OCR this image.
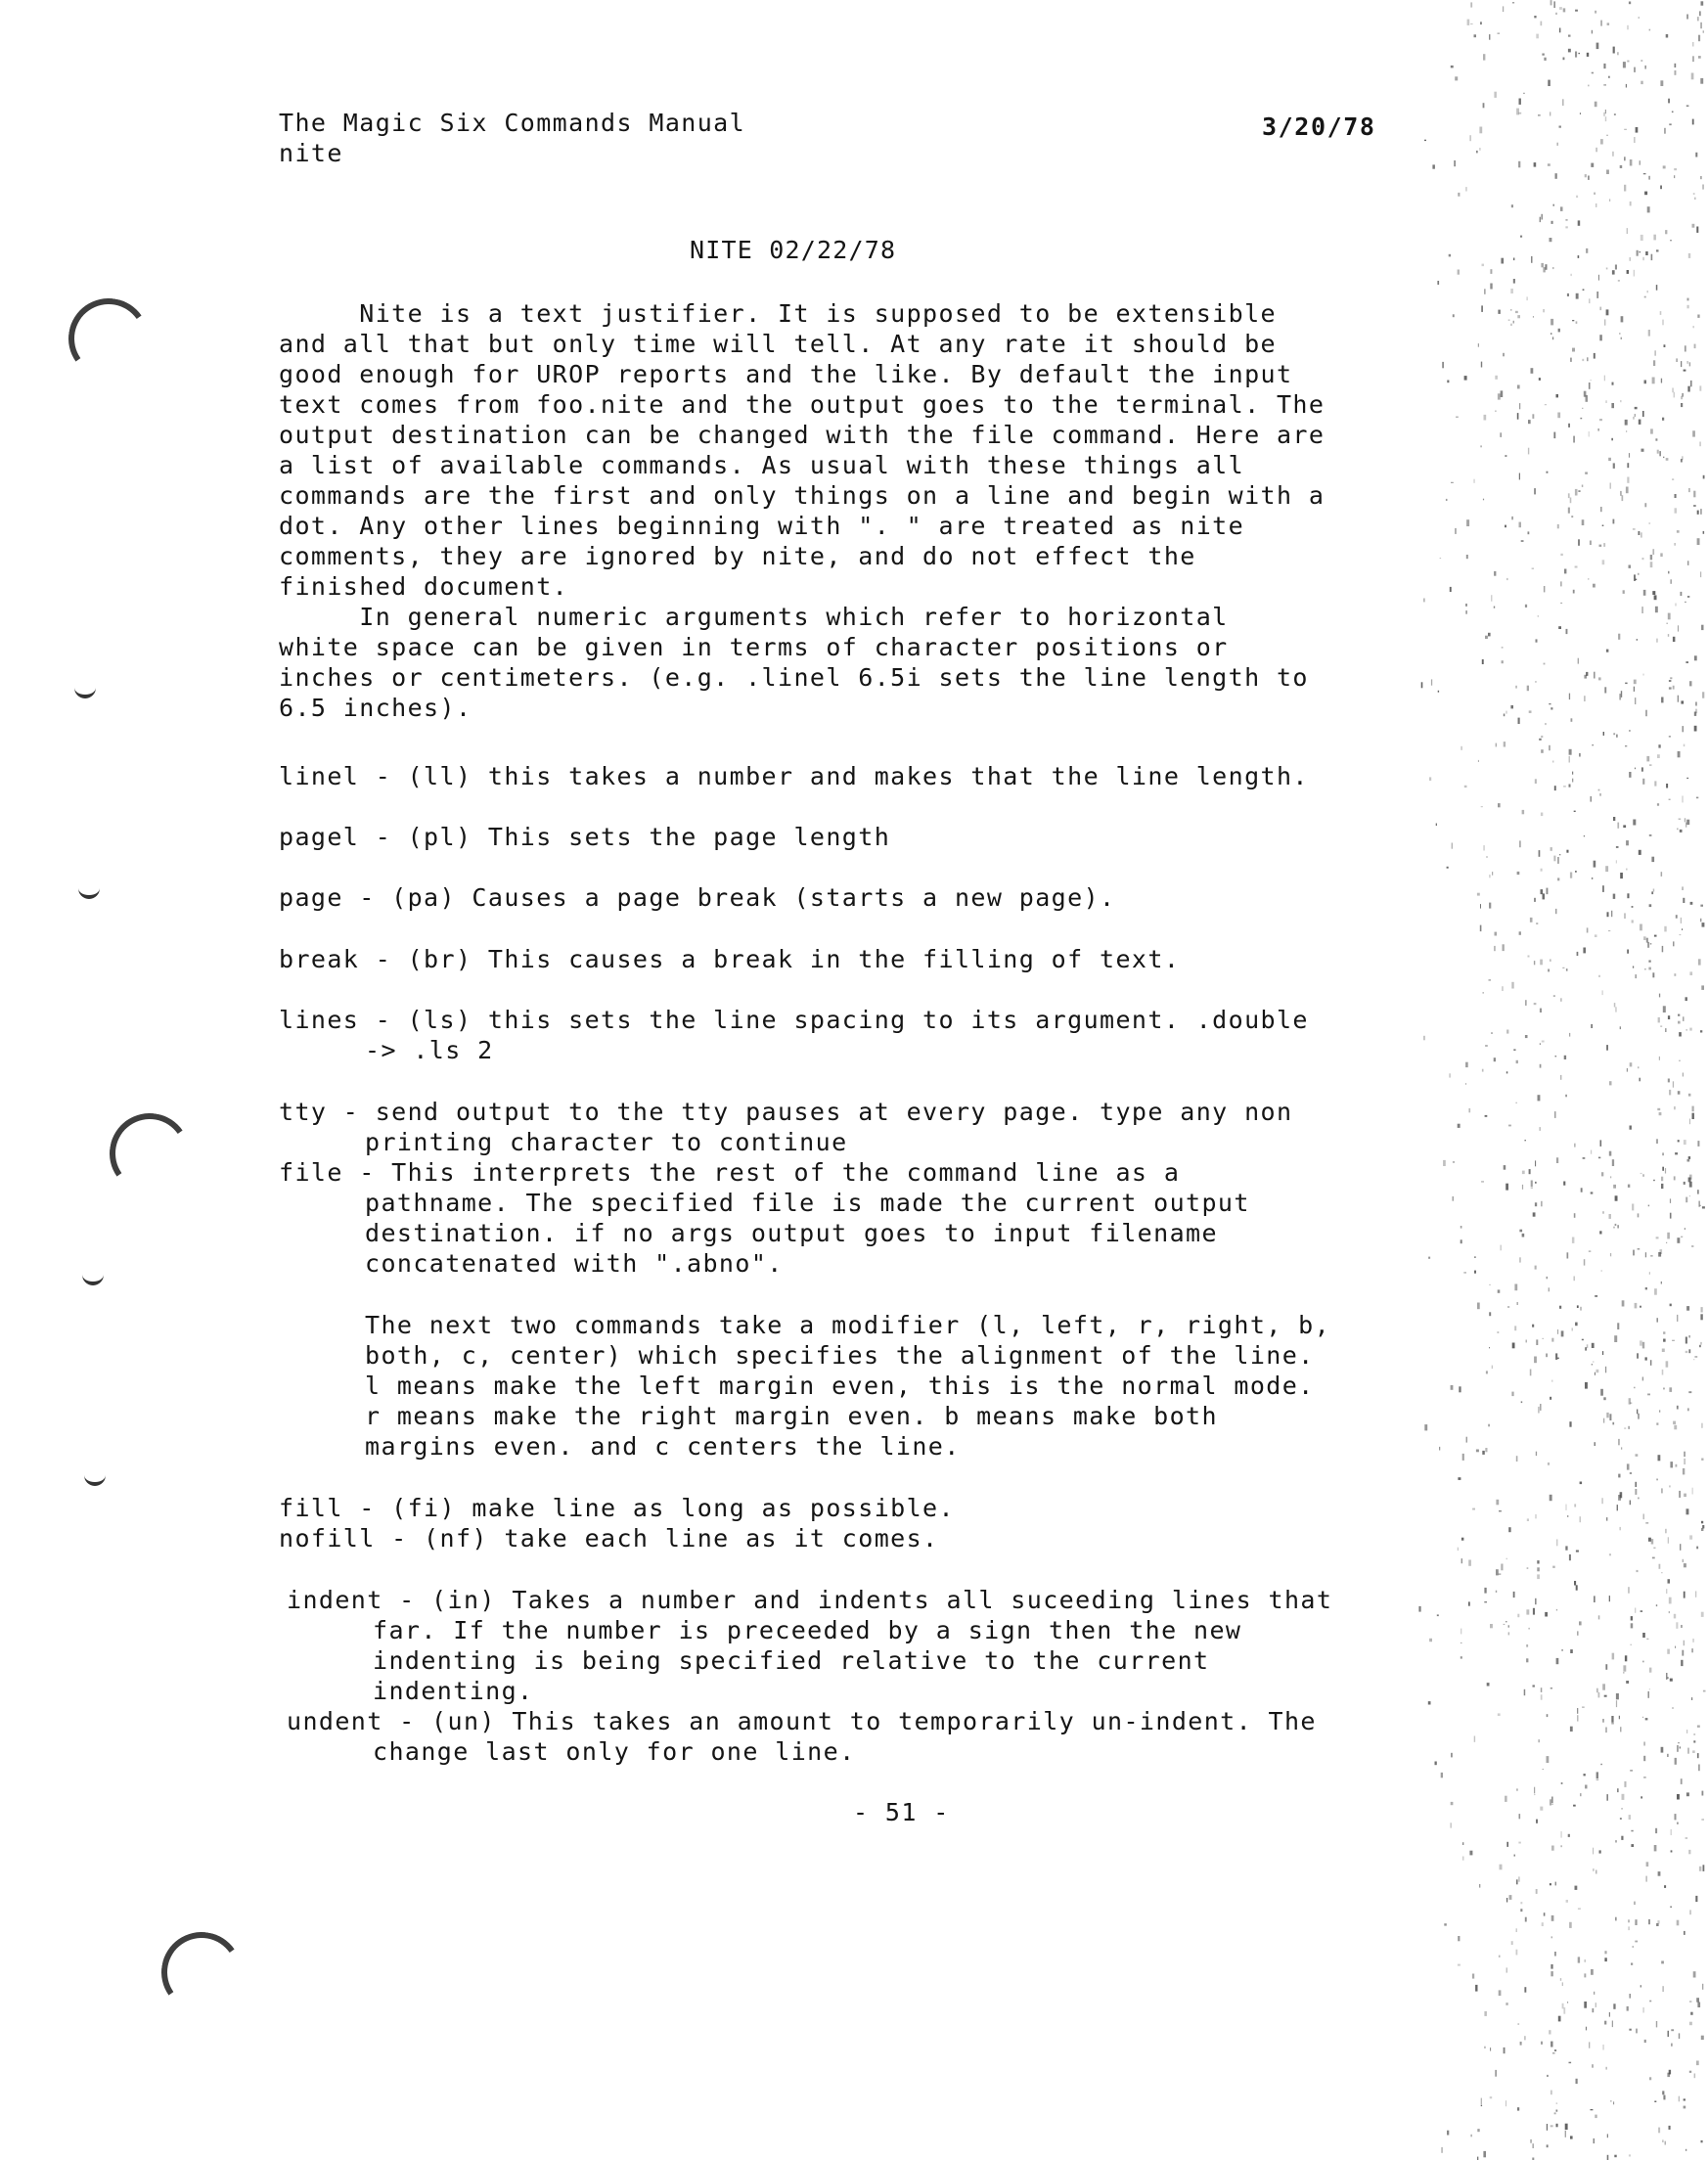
The Magic Six Commands Manual
nite
3/20/78
NITE 02/22/78
Nite is a text justifier. It is supposed to be extensible
and all that but only time will tell. At any rate it should be
good enough for UROP reports and the like. By default the input
text comes from foo.nite and the output goes to the terminal. The
output destination can be changed with the file command. Here are
a list of available commands. As usual with these things all
commands are the first and only things on a line and begin with a
dot. Any other lines beginning with ". " are treated as nite
comments, they are ignored by nite, and do not effect the
finished document.
In general numeric arguments which refer to horizontal
white space can be given in terms of character positions or
inches or centimeters. (e.g. .linel 6.5i sets the line length to
6.5 inches).
linel - (ll) this takes a number and makes that the line length.
pagel - (pl) This sets the page length
page - (pa) Causes a page break (starts a new page).
break - (br) This causes a break in the filling of text.
lines - (ls) this sets the line spacing to its argument. .double
-> .ls 2
tty - send output to the tty pauses at every page. type any non
printing character to continue
file - This interprets the rest of the command line as a
pathname. The specified file is made the current output
destination. if no args output goes to input filename
concatenated with ".abno".
The next two commands take a modifier (l, left, r, right, b,
both, c, center) which specifies the alignment of the line.
l means make the left margin even, this is the normal mode.
r means make the right margin even. b means make both
margins even. and c centers the line.
fill - (fi) make line as long as possible.
nofill - (nf) take each line as it comes.
indent - (in) Takes a number and indents all suceeding lines that
far. If the number is preceeded by a sign then the new
indenting is being specified relative to the current
indenting.
undent - (un) This takes an amount to temporarily un-indent. The
change last only for one line.
- 51 -
